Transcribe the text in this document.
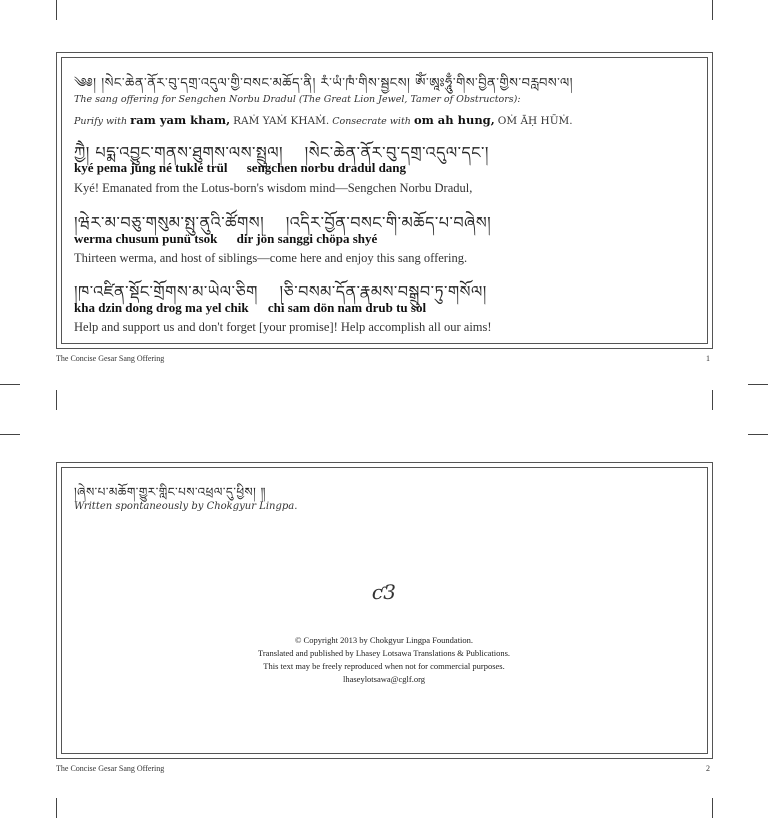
༄༅། །སེང་ཆེན་ནོར་བུ་དགྲ་འདུལ་གྱི་བསང་མཆོད་ནི། རཾ་ཡཾ་ཁཾ་གིས་སྦྱངས། ཨོཾ་ཨཱཿཧཱུྃ་གིས་བྱིན་གྱིས་བརླབས་ལ།
The sang offering for Sengchen Norbu Dradul (The Great Lion Jewel, Tamer of Obstructors):
Purify with ram yam kham, RAṀ YAṀ KHAṀ. Consecrate with om ah hung, OṀ ĀḤ HŪṀ.
ཀྱཻ། པདྨ་འབྱུང་གནས་ཐུགས་ལས་སྤྲུལ། །སེང་ཆེན་ནོར་བུ་དགྲ་འདུལ་དང་།
kyé pema jung né tuklé trül sengchen norbu dradul dang
Kyé! Emanated from the Lotus-born's wisdom mind—Sengchen Norbu Dradul,
།ཝེར་མ་བཅུ་གསུམ་སྤུ་ནུའི་ཚོགས། །འདིར་བྱོན་བསང་གི་མཆོད་པ་བཞེས།
werma chusum punü tsok dir jön sanggi chöpa shyé
Thirteen werma, and host of siblings—come here and enjoy this sang offering.
།ཁ་འཛིན་སྡོང་གྲོགས་མ་ཡེལ་ཅིག །ཅི་བསམ་དོན་རྣམས་བསྒྲུབ་ཏུ་གསོལ།
kha dzin dong drog ma yel chik chi sam dön nam drub tu sol
Help and support us and don't forget [your promise]! Help accomplish all our aims!
The Concise Gesar Sang Offering	1
།ཞེས་པ་མཆོག་གྱུར་གླིང་པས་འཕྲལ་དུ་ཕྱིས། ༎
Written spontaneously by Chokgyur Lingpa.
ƈ3
© Copyright 2013 by Chokgyur Lingpa Foundation.
Translated and published by Lhasey Lotsawa Translations & Publications.
This text may be freely reproduced when not for commercial purposes.
lhaseylotsawa@cglf.org
The Concise Gesar Sang Offering	2
